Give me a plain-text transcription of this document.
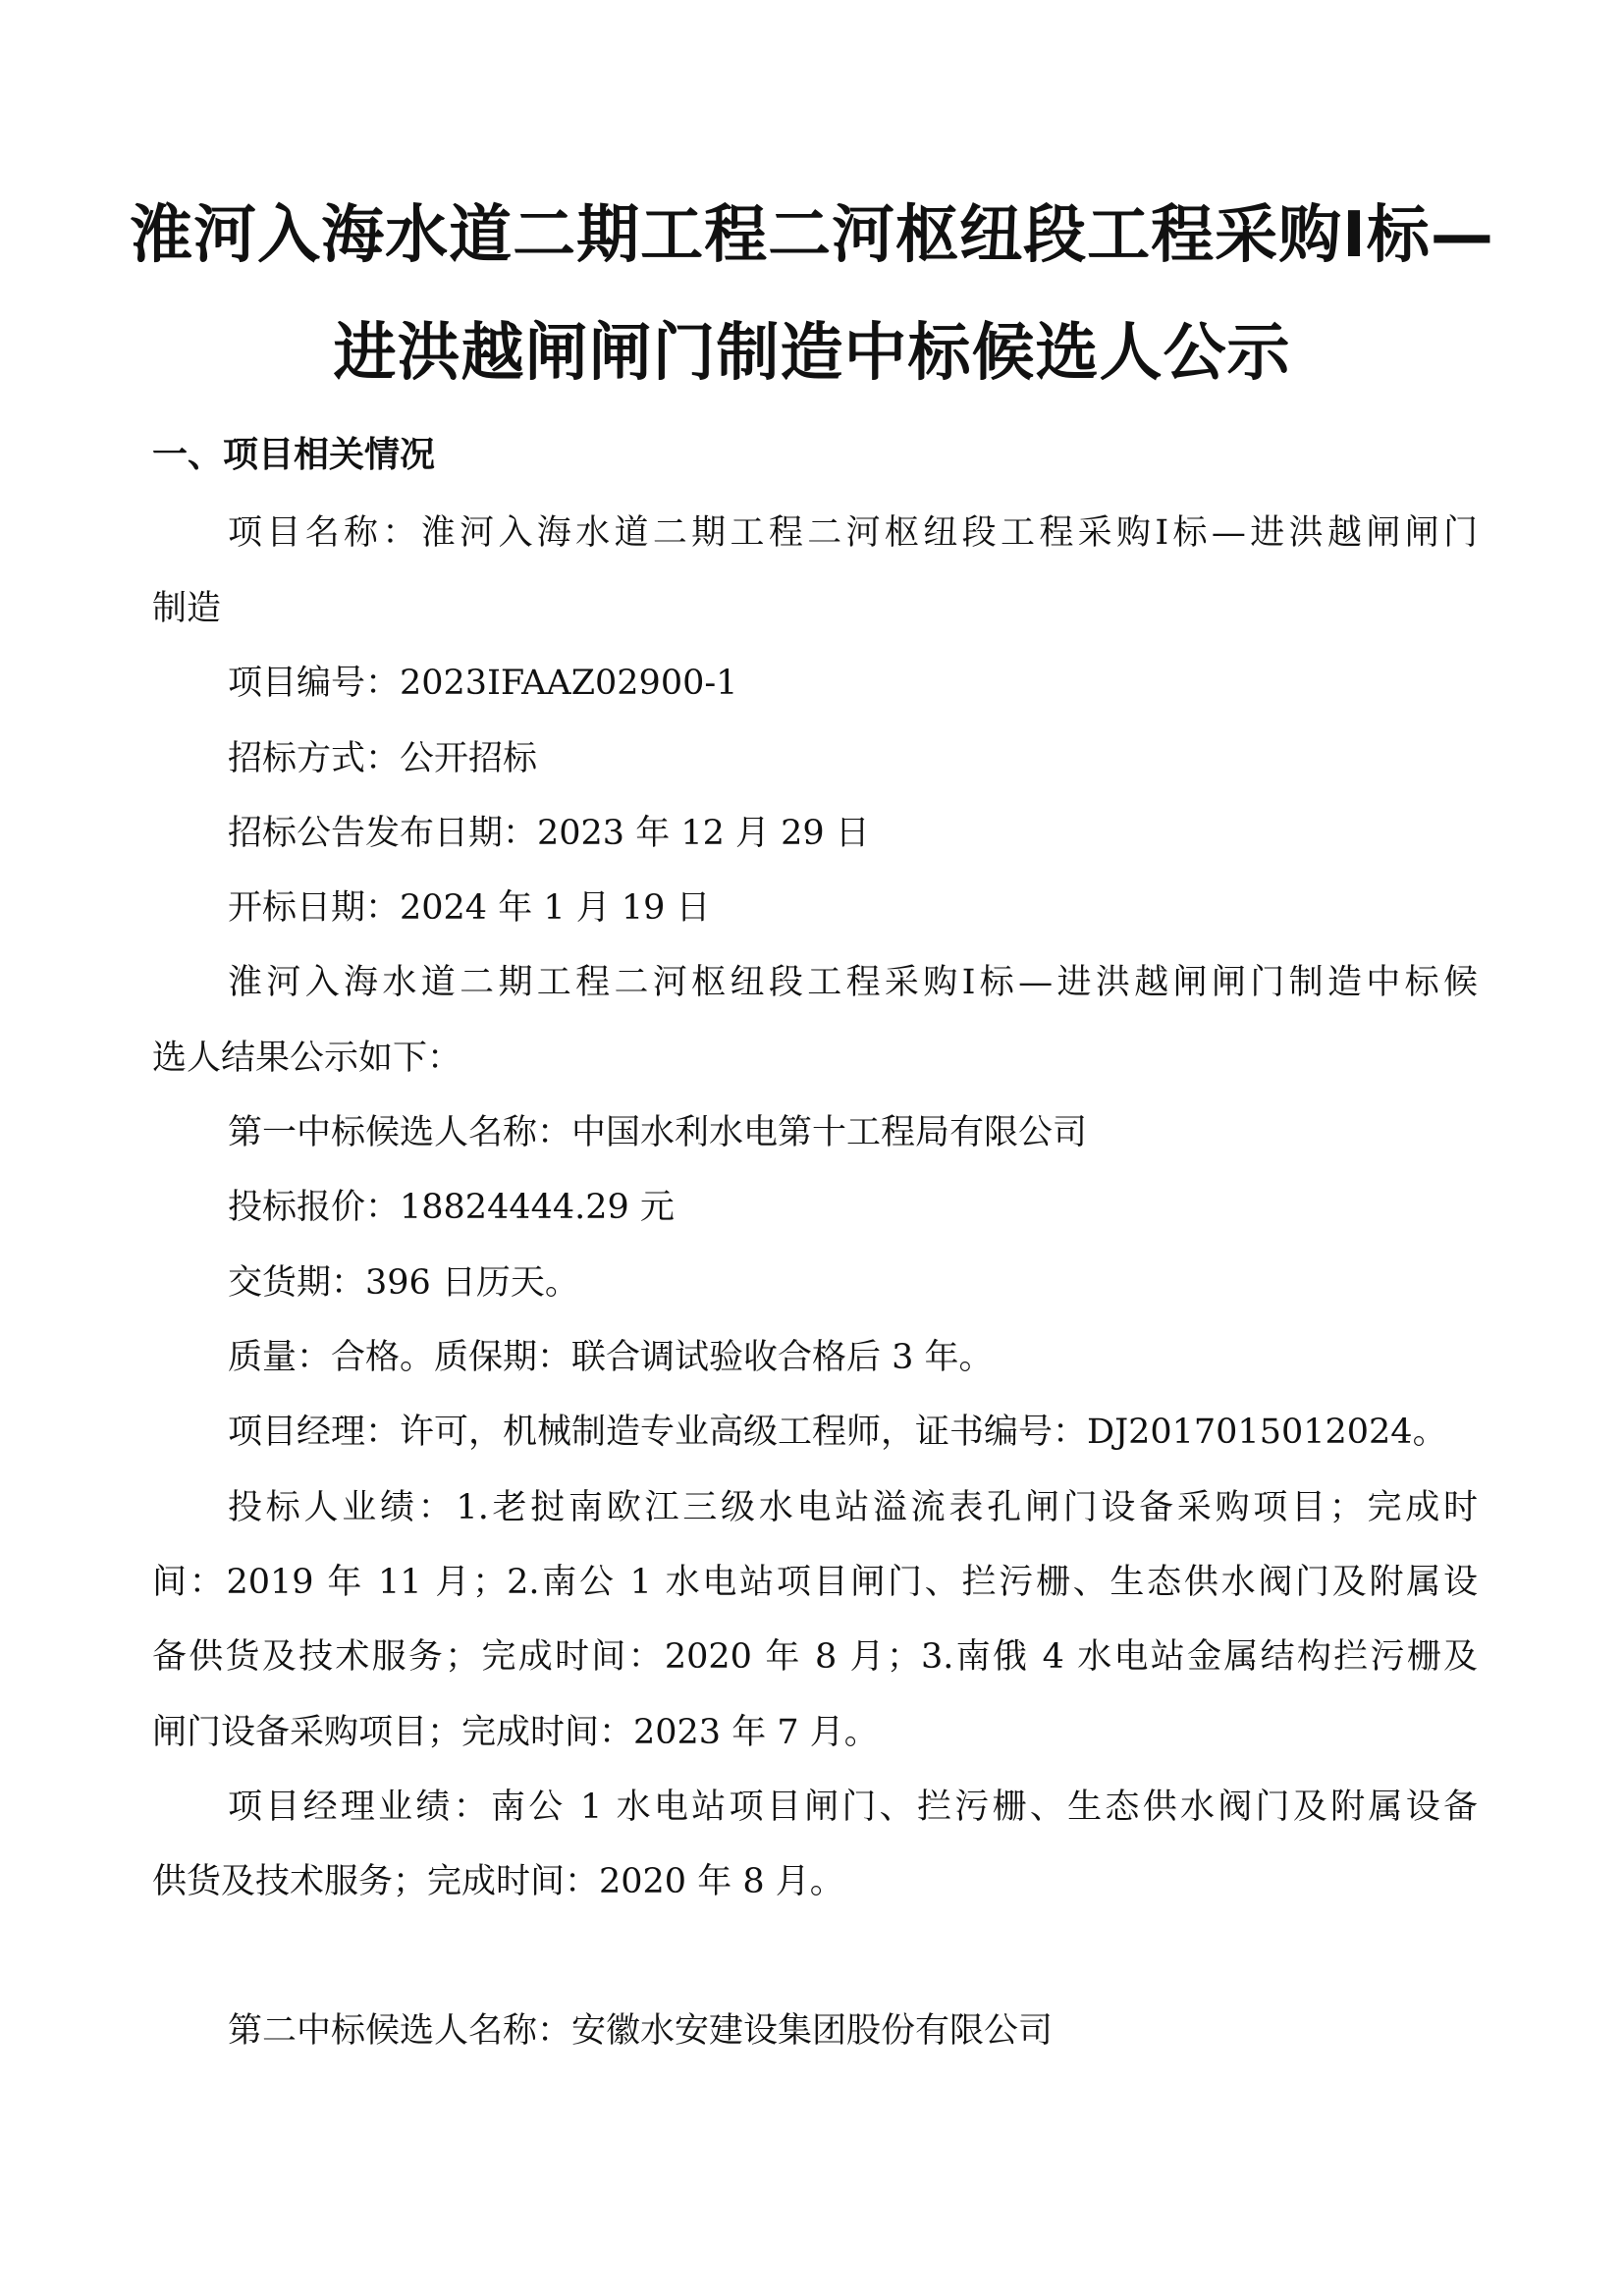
淮河入海水道二期工程二河枢纽段工程采购Ⅰ标—
进洪越闸闸门制造中标候选人公示
一、项目相关情况
项目名称：淮河入海水道二期工程二河枢纽段工程采购Ⅰ标—进洪越闸闸门
制造
项目编号：2023IFAAZ02900-1
招标方式：公开招标
招标公告发布日期：2023 年 12 月 29 日
开标日期：2024 年 1 月 19 日
淮河入海水道二期工程二河枢纽段工程采购Ⅰ标—进洪越闸闸门制造中标候
选人结果公示如下：
第一中标候选人名称：中国水利水电第十工程局有限公司
投标报价：18824444.29 元
交货期：396 日历天。
质量：合格。质保期：联合调试验收合格后 3 年。
项目经理：许可，机械制造专业高级工程师，证书编号：DJ2017015012024。
投标人业绩：1.老挝南欧江三级水电站溢流表孔闸门设备采购项目；完成时
间：2019 年 11 月；2.南公 1 水电站项目闸门、拦污栅、生态供水阀门及附属设
备供货及技术服务；完成时间：2020 年 8 月；3.南俄 4 水电站金属结构拦污栅及
闸门设备采购项目；完成时间：2023 年 7 月。
项目经理业绩：南公 1 水电站项目闸门、拦污栅、生态供水阀门及附属设备
供货及技术服务；完成时间：2020 年 8 月。
第二中标候选人名称：安徽水安建设集团股份有限公司
